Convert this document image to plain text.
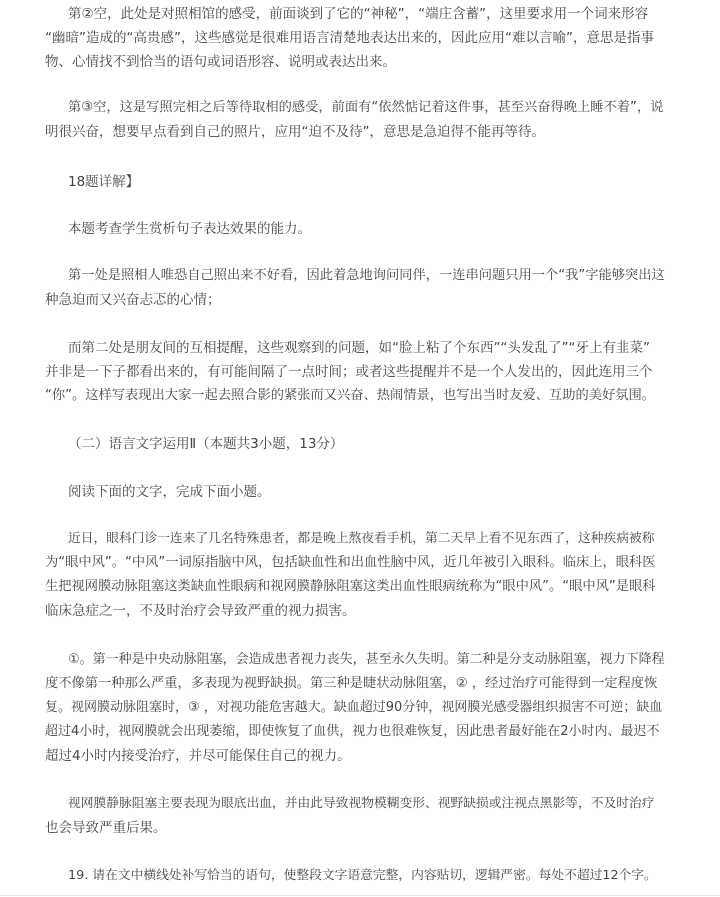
第②空，此处是对照相馆的感受，前面谈到了它的“神秘”，“端庄含蓄”，这里要求用一个词来形容
“幽暗”造成的“高贵感”，这些感觉是很难用语言清楚地表达出来的，因此应用“难以言喻”，意思是指事
物、心情找不到恰当的语句或词语形容、说明或表达出来。
第③空，这是写照完相之后等待取相的感受，前面有“依然惦记着这件事，甚至兴奋得晚上睡不着”，说
明很兴奋，想要早点看到自己的照片，应用“迫不及待”，意思是急迫得不能再等待。
18题详解】
本题考查学生赏析句子表达效果的能力。
第一处是照相人唯恐自己照出来不好看，因此着急地询问同伴，一连串问题只用一个“我”字能够突出这
种急迫而又兴奋忐忑的心情；
而第二处是朋友间的互相提醒，这些观察到的问题，如“脸上粘了个东西”“头发乱了”“牙上有韭菜”
并非是一下子都看出来的，有可能间隔了一点时间；或者这些提醒并不是一个人发出的，因此连用三个
“你”。这样写表现出大家一起去照合影的紧张而又兴奋、热闹情景，也写出当时友爱、互助的美好氛围。
（二）语言文字运用Ⅱ（本题共3小题，13分）
阅读下面的文字，完成下面小题。
近日，眼科门诊一连来了几名特殊患者，都是晚上熬夜看手机，第二天早上看不见东西了，这种疾病被称
为“眼中风”。“中风”一词原指脑中风，包括缺血性和出血性脑中风，近几年被引入眼科。临床上，眼科医
生把视网膜动脉阻塞这类缺血性眼病和视网膜静脉阻塞这类出血性眼病统称为“眼中风”。“眼中风”是眼科
临床急症之一，不及时治疗会导致严重的视力损害。
①。第一种是中央动脉阻塞，会造成患者视力丧失，甚至永久失明。第二种是分支动脉阻塞，视力下降程
度不像第一种那么严重，多表现为视野缺损。第三种是睫状动脉阻塞，② ，经过治疗可能得到一定程度恢
复。视网膜动脉阻塞时，③ ，对视功能危害越大。缺血超过90分钟，视网膜光感受器组织损害不可逆；缺血
超过4小时，视网膜就会出现萎缩，即使恢复了血供，视力也很难恢复，因此患者最好能在2小时内、最迟不
超过4小时内接受治疗，并尽可能保住自己的视力。
视网膜静脉阻塞主要表现为眼底出血，并由此导致视物模糊变形、视野缺损或注视点黑影等，不及时治疗
也会导致严重后果。
19. 请在文中横线处补写恰当的语句，使整段文字语意完整，内容贴切，逻辑严密。每处不超过12个字。
